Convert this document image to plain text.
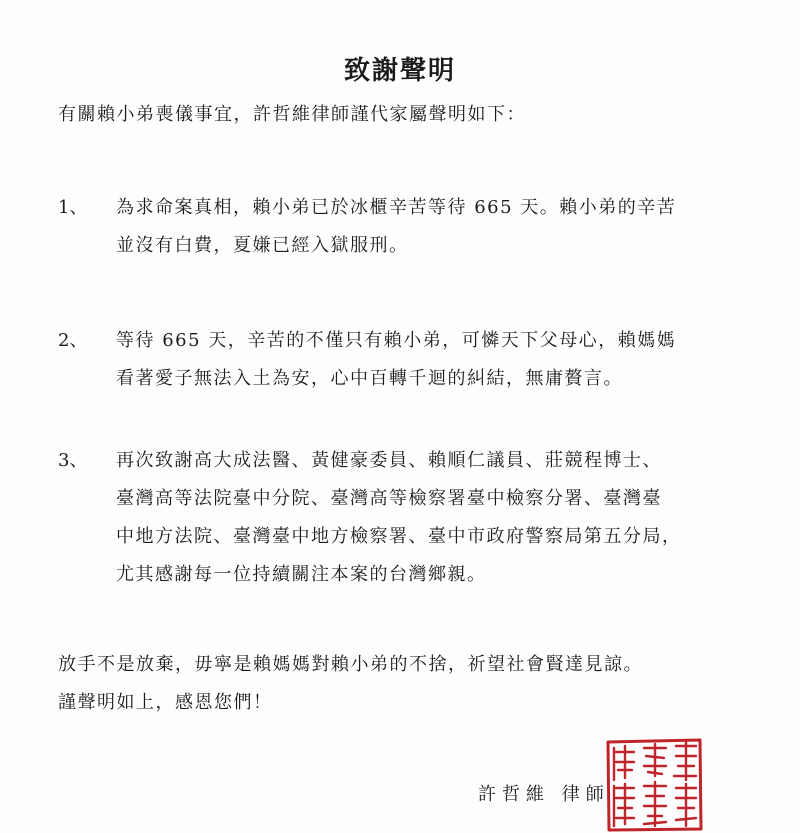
致謝聲明
有關賴小弟喪儀事宜，許哲維律師謹代家屬聲明如下：
1、 為求命案真相，賴小弟已於冰櫃辛苦等待 665 天。賴小弟的辛苦
並沒有白費，夏嫌已經入獄服刑。
2、 等待 665 天，辛苦的不僅只有賴小弟，可憐天下父母心，賴媽媽
看著愛子無法入土為安，心中百轉千迴的糾結，無庸贅言。
3、 再次致謝高大成法醫、黃健豪委員、賴順仁議員、莊競程博士、
臺灣高等法院臺中分院、臺灣高等檢察署臺中檢察分署、臺灣臺
中地方法院、臺灣臺中地方檢察署、臺中市政府警察局第五分局，
尤其感謝每一位持續關注本案的台灣鄉親。
放手不是放棄，毋寧是賴媽媽對賴小弟的不捨，祈望社會賢達見諒。
謹聲明如上，感恩您們！
許哲維 律師
